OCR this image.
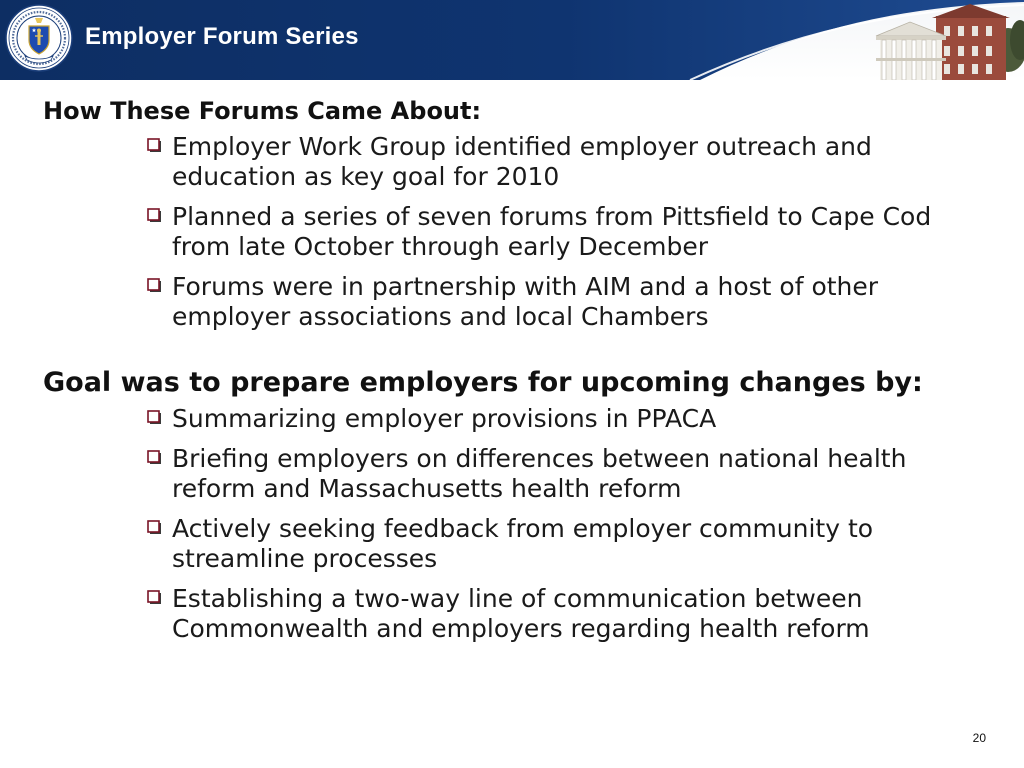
Employer Forum Series
How These Forums Came About:
Employer Work Group identified employer outreach and education as key goal for 2010
Planned a series of seven forums from Pittsfield to Cape Cod from late October through early December
Forums were in partnership with AIM and a host of other employer associations and local Chambers
Goal was to prepare employers for upcoming changes by:
Summarizing employer provisions in PPACA
Briefing employers on differences between national health reform and Massachusetts health reform
Actively seeking feedback from employer community to streamline processes
Establishing a two-way line of communication between Commonwealth and employers regarding health reform
20
